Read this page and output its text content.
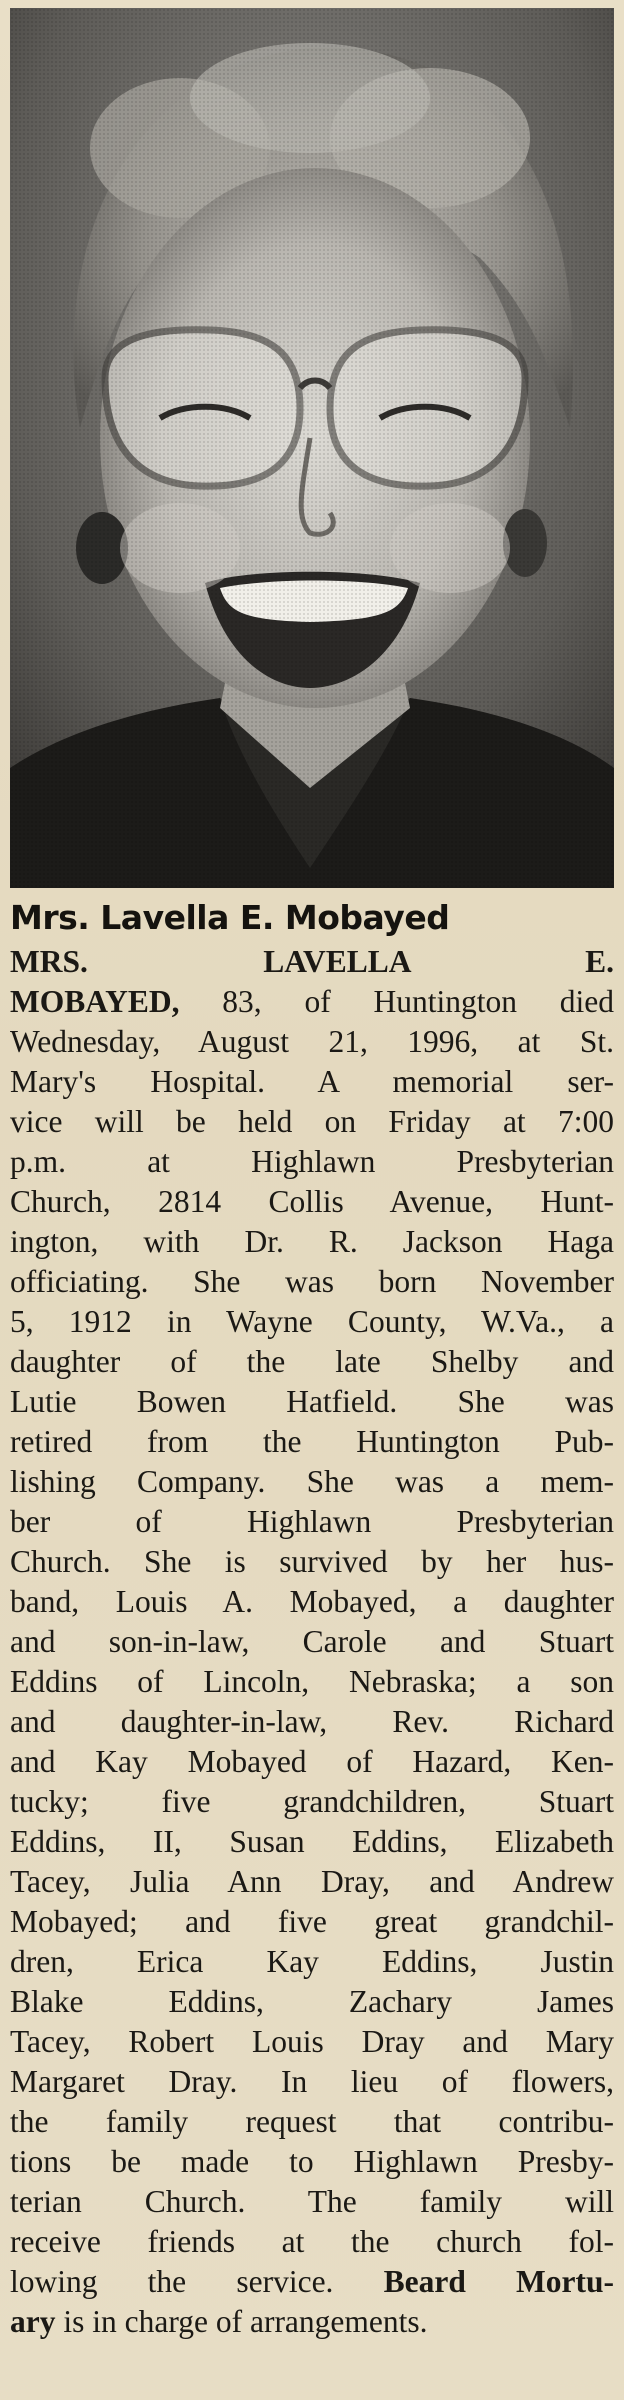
Mrs. Lavella E. Mobayed
MRS. LAVELLA E.
MOBAYED, 83, of Huntington died
Wednesday, August 21, 1996, at St.
Mary's Hospital. A memorial ser-
vice will be held on Friday at 7:00
p.m. at Highlawn Presbyterian
Church, 2814 Collis Avenue, Hunt-
ington, with Dr. R. Jackson Haga
officiating. She was born November
5, 1912 in Wayne County, W.Va., a
daughter of the late Shelby and
Lutie Bowen Hatfield. She was
retired from the Huntington Pub-
lishing Company. She was a mem-
ber of Highlawn Presbyterian
Church. She is survived by her hus-
band, Louis A. Mobayed, a daughter
and son-in-law, Carole and Stuart
Eddins of Lincoln, Nebraska; a son
and daughter-in-law, Rev. Richard
and Kay Mobayed of Hazard, Ken-
tucky; five grandchildren, Stuart
Eddins, II, Susan Eddins, Elizabeth
Tacey, Julia Ann Dray, and Andrew
Mobayed; and five great grandchil-
dren, Erica Kay Eddins, Justin
Blake Eddins, Zachary James
Tacey, Robert Louis Dray and Mary
Margaret Dray. In lieu of flowers,
the family request that contribu-
tions be made to Highlawn Presby-
terian Church. The family will
receive friends at the church fol-
lowing the service. Beard Mortu-
ary is in charge of arrangements.
